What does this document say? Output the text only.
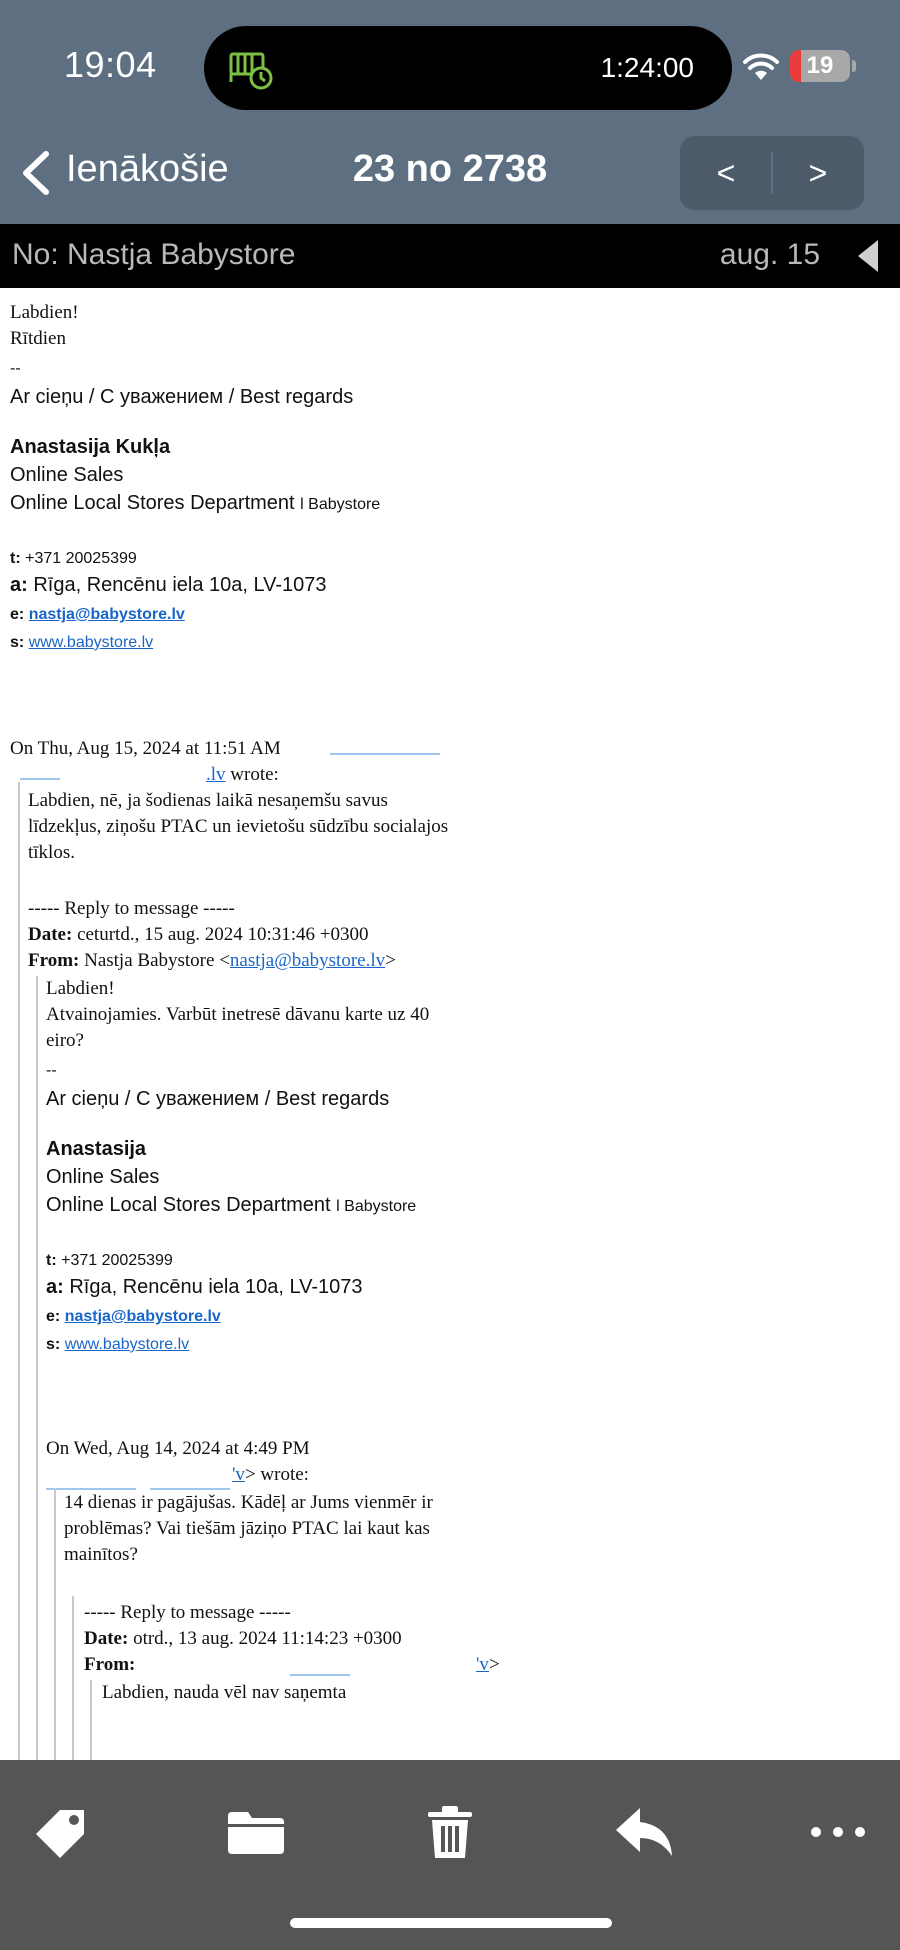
19:04	1:24:00	19
Ienākošie	23 no 2738	<	>
No: Nastja Babystore	aug. 15
Labdien!
Rītdien
--
Ar cieņu / С уважением / Best regards
Anastasija Kukļa
Online Sales
Online Local Stores Department l Babystore
t: +371 20025399
a: Rīga, Rencēnu iela 10a, LV-1073
e: nastja@babystore.lv
s: www.babystore.lv
On Thu, Aug 15, 2024 at 11:51 AM
.lv wrote:
Labdien, nē, ja šodienas laikā nesaņemšu savus
līdzekļus, ziņošu PTAC un ievietošu sūdzību socialajos
tīklos.
----- Reply to message -----
Date: ceturtd., 15 aug. 2024 10:31:46 +0300
From: Nastja Babystore <nastja@babystore.lv>
Labdien!
Atvainojamies. Varbūt inetresē dāvanu karte uz 40
eiro?
--
Ar cieņu / С уважением / Best regards
Anastasija
Online Sales
Online Local Stores Department l Babystore
t: +371 20025399
a: Rīga, Rencēnu iela 10a, LV-1073
e: nastja@babystore.lv
s: www.babystore.lv
On Wed, Aug 14, 2024 at 4:49 PM
'v> wrote:
14 dienas ir pagājušas. Kādēļ ar Jums vienmēr ir
problēmas? Vai tiešām jāziņo PTAC lai kaut kas
mainītos?
----- Reply to message -----
Date: otrd., 13 aug. 2024 11:14:23 +0300
From:	'v>
Labdien, nauda vēl nav saņemta
